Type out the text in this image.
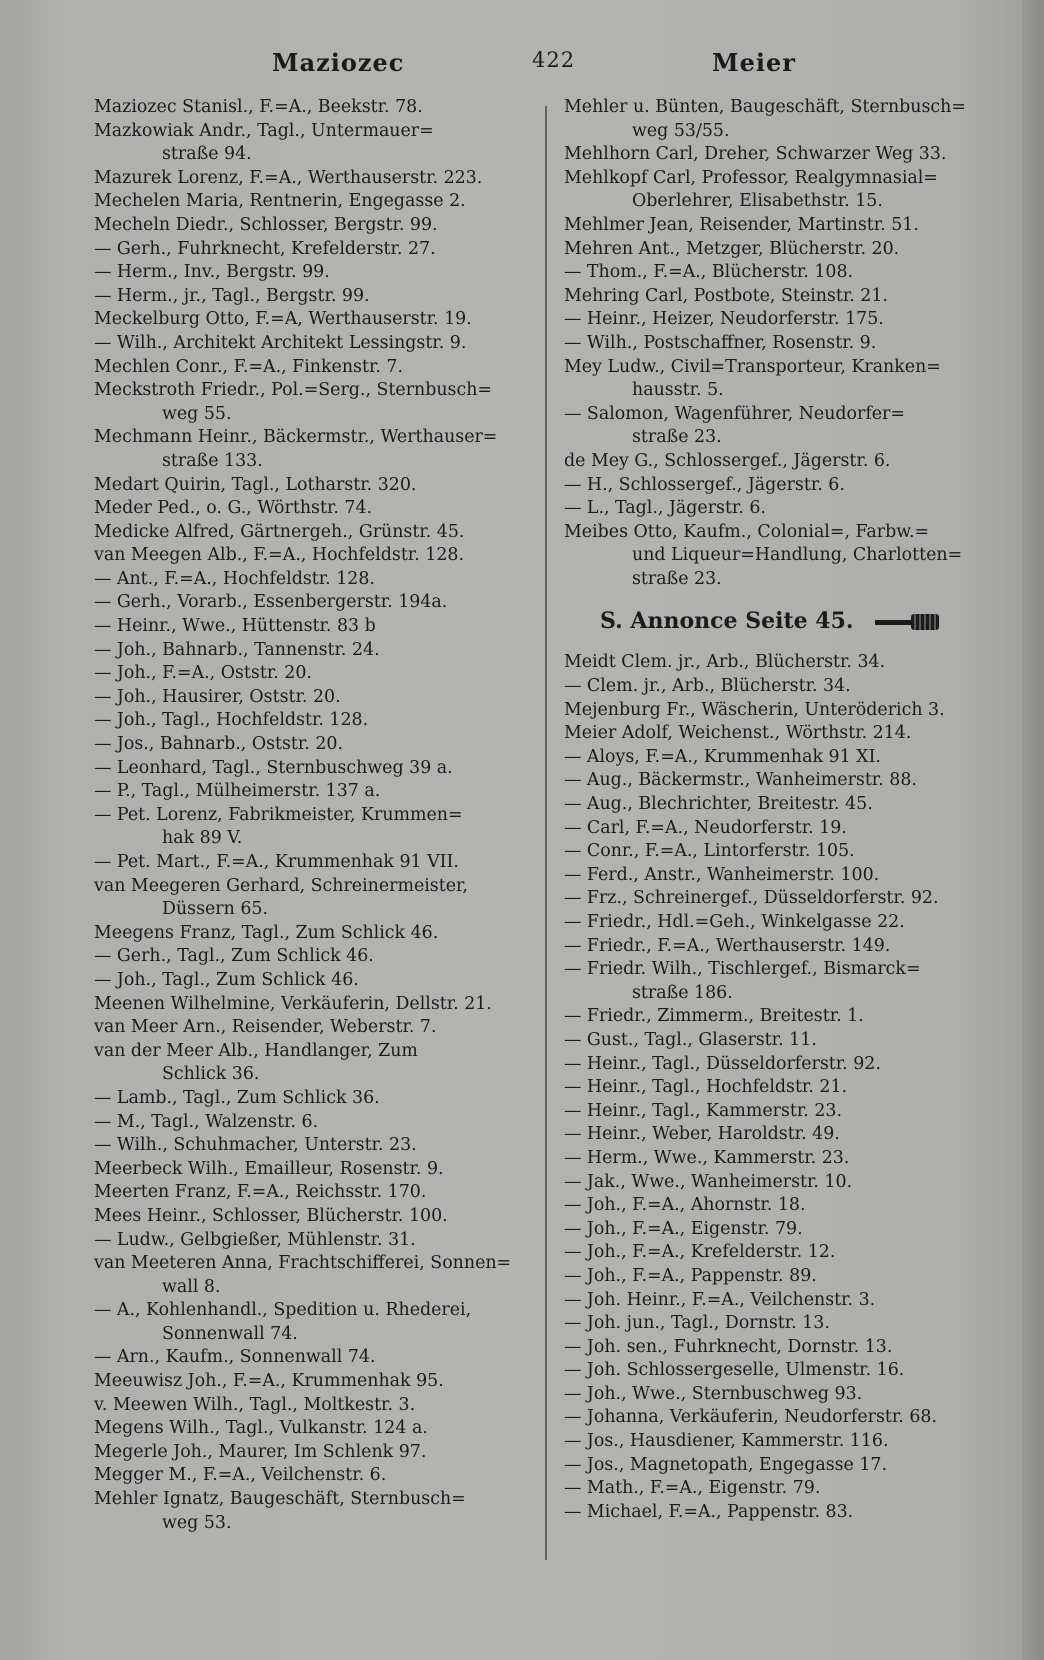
Maziozec	422	Meier
Maziozec Stanisl., F.=A., Beekstr. 78.
Mazkowiak Andr., Tagl., Untermauer=
straße 94.
Mazurek Lorenz, F.=A., Werthauserstr. 223.
Mechelen Maria, Rentnerin, Engegasse 2.
Mecheln Diedr., Schlosser, Bergstr. 99.
— Gerh., Fuhrknecht, Krefelderstr. 27.
— Herm., Inv., Bergstr. 99.
— Herm., jr., Tagl., Bergstr. 99.
Meckelburg Otto, F.=A, Werthauserstr. 19.
— Wilh., Architekt Architekt Lessingstr. 9.
Mechlen Conr., F.=A., Finkenstr. 7.
Meckstroth Friedr., Pol.=Serg., Sternbusch=
weg 55.
Mechmann Heinr., Bäckermstr., Werthauser=
straße 133.
Medart Quirin, Tagl., Lotharstr. 320.
Meder Ped., o. G., Wörthstr. 74.
Medicke Alfred, Gärtnergeh., Grünstr. 45.
van Meegen Alb., F.=A., Hochfeldstr. 128.
— Ant., F.=A., Hochfeldstr. 128.
— Gerh., Vorarb., Essenbergerstr. 194a.
— Heinr., Wwe., Hüttenstr. 83 b
— Joh., Bahnarb., Tannenstr. 24.
— Joh., F.=A., Oststr. 20.
— Joh., Hausirer, Oststr. 20.
— Joh., Tagl., Hochfeldstr. 128.
— Jos., Bahnarb., Oststr. 20.
— Leonhard, Tagl., Sternbuschweg 39 a.
— P., Tagl., Mülheimerstr. 137 a.
— Pet. Lorenz, Fabrikmeister, Krummen=
hak 89 V.
— Pet. Mart., F.=A., Krummenhak 91 VII.
van Meegeren Gerhard, Schreinermeister,
Düssern 65.
Meegens Franz, Tagl., Zum Schlick 46.
— Gerh., Tagl., Zum Schlick 46.
— Joh., Tagl., Zum Schlick 46.
Meenen Wilhelmine, Verkäuferin, Dellstr. 21.
van Meer Arn., Reisender, Weberstr. 7.
van der Meer Alb., Handlanger, Zum
Schlick 36.
— Lamb., Tagl., Zum Schlick 36.
— M., Tagl., Walzenstr. 6.
— Wilh., Schuhmacher, Unterstr. 23.
Meerbeck Wilh., Emailleur, Rosenstr. 9.
Meerten Franz, F.=A., Reichsstr. 170.
Mees Heinr., Schlosser, Blücherstr. 100.
— Ludw., Gelbgießer, Mühlenstr. 31.
van Meeteren Anna, Frachtschifferei, Sonnen=
wall 8.
— A., Kohlenhandl., Spedition u. Rhederei,
Sonnenwall 74.
— Arn., Kaufm., Sonnenwall 74.
Meeuwisz Joh., F.=A., Krummenhak 95.
v. Meewen Wilh., Tagl., Moltkestr. 3.
Megens Wilh., Tagl., Vulkanstr. 124 a.
Megerle Joh., Maurer, Im Schlenk 97.
Megger M., F.=A., Veilchenstr. 6.
Mehler Ignatz, Baugeschäft, Sternbusch=
weg 53.
Mehler u. Bünten, Baugeschäft, Sternbusch=
weg 53/55.
Mehlhorn Carl, Dreher, Schwarzer Weg 33.
Mehlkopf Carl, Professor, Realgymnasial=
Oberlehrer, Elisabethstr. 15.
Mehlmer Jean, Reisender, Martinstr. 51.
Mehren Ant., Metzger, Blücherstr. 20.
— Thom., F.=A., Blücherstr. 108.
Mehring Carl, Postbote, Steinstr. 21.
— Heinr., Heizer, Neudorferstr. 175.
— Wilh., Postschaffner, Rosenstr. 9.
Mey Ludw., Civil=Transporteur, Kranken=
hausstr. 5.
— Salomon, Wagenführer, Neudorfer=
straße 23.
de Mey G., Schlossergef., Jägerstr. 6.
— H., Schlossergef., Jägerstr. 6.
— L., Tagl., Jägerstr. 6.
Meibes Otto, Kaufm., Colonial=, Farbw.=
und Liqueur=Handlung, Charlotten=
straße 23.
S. Annonce Seite 45.
Meidt Clem. jr., Arb., Blücherstr. 34.
— Clem. jr., Arb., Blücherstr. 34.
Mejenburg Fr., Wäscherin, Unteröderich 3.
Meier Adolf, Weichenst., Wörthstr. 214.
— Aloys, F.=A., Krummenhak 91 XI.
— Aug., Bäckermstr., Wanheimerstr. 88.
— Aug., Blechrichter, Breitestr. 45.
— Carl, F.=A., Neudorferstr. 19.
— Conr., F.=A., Lintorferstr. 105.
— Ferd., Anstr., Wanheimerstr. 100.
— Frz., Schreinergef., Düsseldorferstr. 92.
— Friedr., Hdl.=Geh., Winkelgasse 22.
— Friedr., F.=A., Werthauserstr. 149.
— Friedr. Wilh., Tischlergef., Bismarck=
straße 186.
— Friedr., Zimmerm., Breitestr. 1.
— Gust., Tagl., Glaserstr. 11.
— Heinr., Tagl., Düsseldorferstr. 92.
— Heinr., Tagl., Hochfeldstr. 21.
— Heinr., Tagl., Kammerstr. 23.
— Heinr., Weber, Haroldstr. 49.
— Herm., Wwe., Kammerstr. 23.
— Jak., Wwe., Wanheimerstr. 10.
— Joh., F.=A., Ahornstr. 18.
— Joh., F.=A., Eigenstr. 79.
— Joh., F.=A., Krefelderstr. 12.
— Joh., F.=A., Pappenstr. 89.
— Joh. Heinr., F.=A., Veilchenstr. 3.
— Joh. jun., Tagl., Dornstr. 13.
— Joh. sen., Fuhrknecht, Dornstr. 13.
— Joh. Schlossergeselle, Ulmenstr. 16.
— Joh., Wwe., Sternbuschweg 93.
— Johanna, Verkäuferin, Neudorferstr. 68.
— Jos., Hausdiener, Kammerstr. 116.
— Jos., Magnetopath, Engegasse 17.
— Math., F.=A., Eigenstr. 79.
— Michael, F.=A., Pappenstr. 83.
